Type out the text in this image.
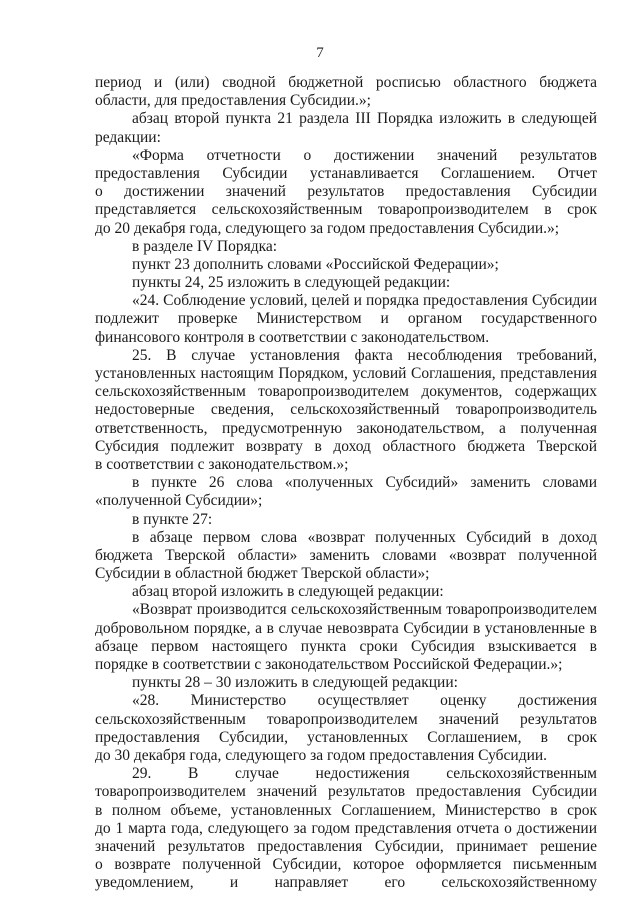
7
период и (или) сводной бюджетной росписью областного бюджета
области, для предоставления Субсидии.»;
абзац второй пункта 21 раздела III Порядка изложить в следующей
редакции:
«Форма отчетности о достижении значений результатов
предоставления Субсидии устанавливается Соглашением. Отчет
о достижении значений результатов предоставления Субсидии
представляется сельскохозяйственным товаропроизводителем в срок
до 20 декабря года, следующего за годом предоставления Субсидии.»;
в разделе IV Порядка:
пункт 23 дополнить словами «Российской Федерации»;
пункты 24, 25 изложить в следующей редакции:
«24. Соблюдение условий, целей и порядка предоставления Субсидии
подлежит проверке Министерством и органом государственного
финансового контроля в соответствии с законодательством.
25. В случае установления факта несоблюдения требований,
установленных настоящим Порядком, условий Соглашения, представления
сельскохозяйственным товаропроизводителем документов, содержащих
недостоверные сведения, сельскохозяйственный товаропроизводитель
ответственность, предусмотренную законодательством, а полученная
Субсидия подлежит возврату в доход областного бюджета Тверской
в соответствии с законодательством.»;
в пункте 26 слова «полученных Субсидий» заменить словами
«полученной Субсидии»;
в пункте 27:
в абзаце первом слова «возврат полученных Субсидий в доход
бюджета Тверской области» заменить словами «возврат полученной
Субсидии в областной бюджет Тверской области»;
абзац второй изложить в следующей редакции:
«Возврат производится сельскохозяйственным товаропроизводителем
добровольном порядке, а в случае невозврата Субсидии в установленные в
абзаце первом настоящего пункта сроки Субсидия взыскивается в
порядке в соответствии с законодательством Российской Федерации.»;
пункты 28 – 30 изложить в следующей редакции:
«28. Министерство осуществляет оценку достижения
сельскохозяйственным товаропроизводителем значений результатов
предоставления Субсидии, установленных Соглашением, в срок
до 30 декабря года, следующего за годом предоставления Субсидии.
29. В случае недостижения сельскохозяйственным
товаропроизводителем значений результатов предоставления Субсидии
в полном объеме, установленных Соглашением, Министерство в срок
до 1 марта года, следующего за годом представления отчета о достижении
значений результатов предоставления Субсидии, принимает решение
о возврате полученной Субсидии, которое оформляется письменным
уведомлением, и направляет его сельскохозяйственному
